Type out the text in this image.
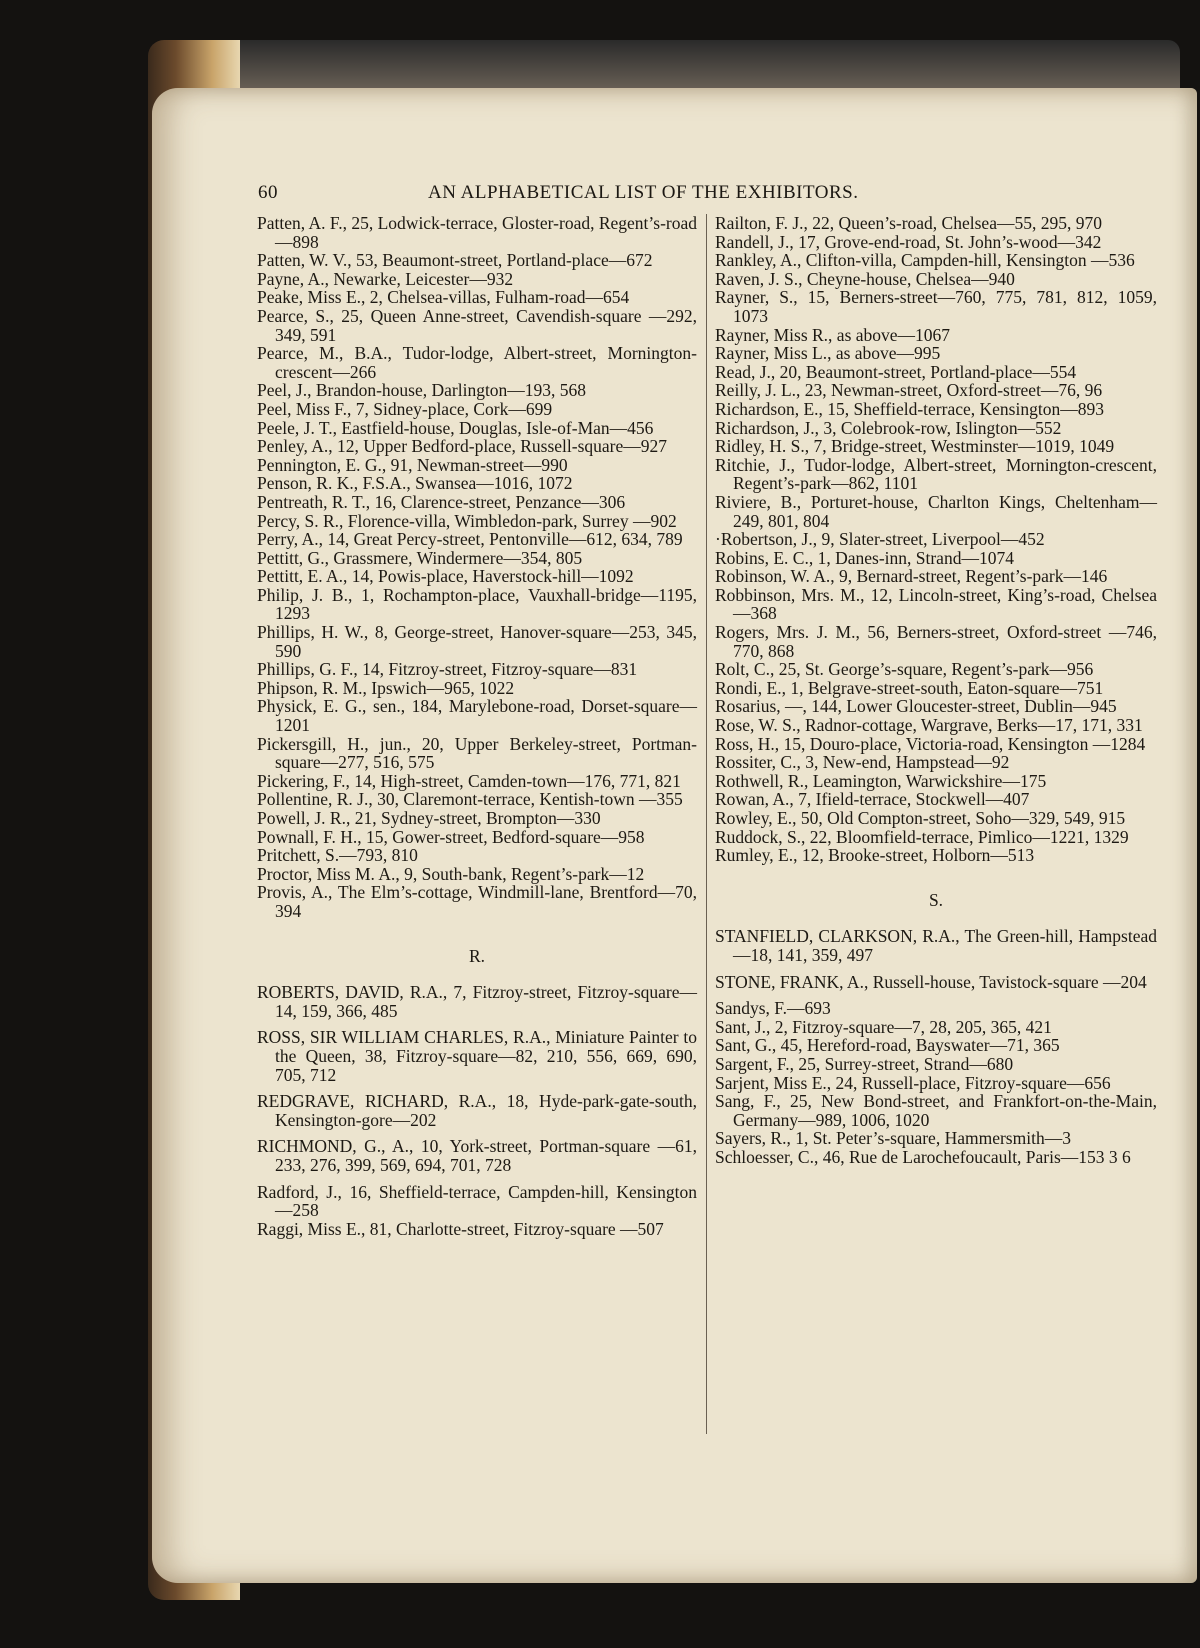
60	AN ALPHABETICAL LIST OF THE EXHIBITORS.

Patten, A. F., 25, Lodwick-terrace, Gloster-road, Regent’s-road—898

Patten, W. V., 53, Beaumont-street, Portland-place—672

Payne, A., Newarke, Leicester—932

Peake, Miss E., 2, Chelsea-villas, Fulham-road—654

Pearce, S., 25, Queen Anne-street, Cavendish-square —292, 349, 591

Pearce, M., B.A., Tudor-lodge, Albert-street, Mornington-crescent—266

Peel, J., Brandon-house, Darlington—193, 568

Peel, Miss F., 7, Sidney-place, Cork—699

Peele, J. T., Eastfield-house, Douglas, Isle-of-Man—456

Penley, A., 12, Upper Bedford-place, Russell-square—927

Pennington, E. G., 91, Newman-street—990

Penson, R. K., F.S.A., Swansea—1016, 1072

Pentreath, R. T., 16, Clarence-street, Penzance—306

Percy, S. R., Florence-villa, Wimbledon-park, Surrey —902

Perry, A., 14, Great Percy-street, Pentonville—612, 634, 789

Pettitt, G., Grassmere, Windermere—354, 805

Pettitt, E. A., 14, Powis-place, Haverstock-hill—1092

Philip, J. B., 1, Rochampton-place, Vauxhall-bridge—1195, 1293

Phillips, H. W., 8, George-street, Hanover-square—253, 345, 590

Phillips, G. F., 14, Fitzroy-street, Fitzroy-square—831

Phipson, R. M., Ipswich—965, 1022

Physick, E. G., sen., 184, Marylebone-road, Dorset-square—1201

Pickersgill, H., jun., 20, Upper Berkeley-street, Portman-square—277, 516, 575

Pickering, F., 14, High-street, Camden-town—176, 771, 821

Pollentine, R. J., 30, Claremont-terrace, Kentish-town —355

Powell, J. R., 21, Sydney-street, Brompton—330

Pownall, F. H., 15, Gower-street, Bedford-square—958

Pritchett, S.—793, 810

Proctor, Miss M. A., 9, South-bank, Regent’s-park—12

Provis, A., The Elm’s-cottage, Windmill-lane, Brentford—70, 394

R.

ROBERTS, DAVID, R.A., 7, Fitzroy-street, Fitzroy-square—14, 159, 366, 485

ROSS, SIR WILLIAM CHARLES, R.A., Miniature Painter to the Queen, 38, Fitzroy-square—82, 210, 556, 669, 690, 705, 712

REDGRAVE, RICHARD, R.A., 18, Hyde-park-gate-south, Kensington-gore—202

RICHMOND, G., A., 10, York-street, Portman-square —61, 233, 276, 399, 569, 694, 701, 728

Radford, J., 16, Sheffield-terrace, Campden-hill, Kensington—258

Raggi, Miss E., 81, Charlotte-street, Fitzroy-square —507

Railton, F. J., 22, Queen’s-road, Chelsea—55, 295, 970

Randell, J., 17, Grove-end-road, St. John’s-wood—342

Rankley, A., Clifton-villa, Campden-hill, Kensington —536

Raven, J. S., Cheyne-house, Chelsea—940

Rayner, S., 15, Berners-street—760, 775, 781, 812, 1059, 1073

Rayner, Miss R., as above—1067

Rayner, Miss L., as above—995

Read, J., 20, Beaumont-street, Portland-place—554

Reilly, J. L., 23, Newman-street, Oxford-street—76, 96

Richardson, E., 15, Sheffield-terrace, Kensington—893

Richardson, J., 3, Colebrook-row, Islington—552

Ridley, H. S., 7, Bridge-street, Westminster—1019, 1049

Ritchie, J., Tudor-lodge, Albert-street, Mornington-crescent, Regent’s-park—862, 1101

Riviere, B., Porturet-house, Charlton Kings, Cheltenham—249, 801, 804

·Robertson, J., 9, Slater-street, Liverpool—452

Robins, E. C., 1, Danes-inn, Strand—1074

Robinson, W. A., 9, Bernard-street, Regent’s-park—146

Robbinson, Mrs. M., 12, Lincoln-street, King’s-road, Chelsea—368

Rogers, Mrs. J. M., 56, Berners-street, Oxford-street —746, 770, 868

Rolt, C., 25, St. George’s-square, Regent’s-park—956

Rondi, E., 1, Belgrave-street-south, Eaton-square—751

Rosarius, —, 144, Lower Gloucester-street, Dublin—945

Rose, W. S., Radnor-cottage, Wargrave, Berks—17, 171, 331

Ross, H., 15, Douro-place, Victoria-road, Kensington —1284

Rossiter, C., 3, New-end, Hampstead—92

Rothwell, R., Leamington, Warwickshire—175

Rowan, A., 7, Ifield-terrace, Stockwell—407

Rowley, E., 50, Old Compton-street, Soho—329, 549, 915

Ruddock, S., 22, Bloomfield-terrace, Pimlico—1221, 1329

Rumley, E., 12, Brooke-street, Holborn—513

S.

STANFIELD, CLARKSON, R.A., The Green-hill, Hampstead—18, 141, 359, 497

STONE, FRANK, A., Russell-house, Tavistock-square —204

Sandys, F.—693

Sant, J., 2, Fitzroy-square—7, 28, 205, 365, 421

Sant, G., 45, Hereford-road, Bayswater—71, 365

Sargent, F., 25, Surrey-street, Strand—680

Sarjent, Miss E., 24, Russell-place, Fitzroy-square—656

Sang, F., 25, New Bond-street, and Frankfort-on-the-Main, Germany—989, 1006, 1020

Sayers, R., 1, St. Peter’s-square, Hammersmith—3

Schloesser, C., 46, Rue de Larochefoucault, Paris—153 3 6
